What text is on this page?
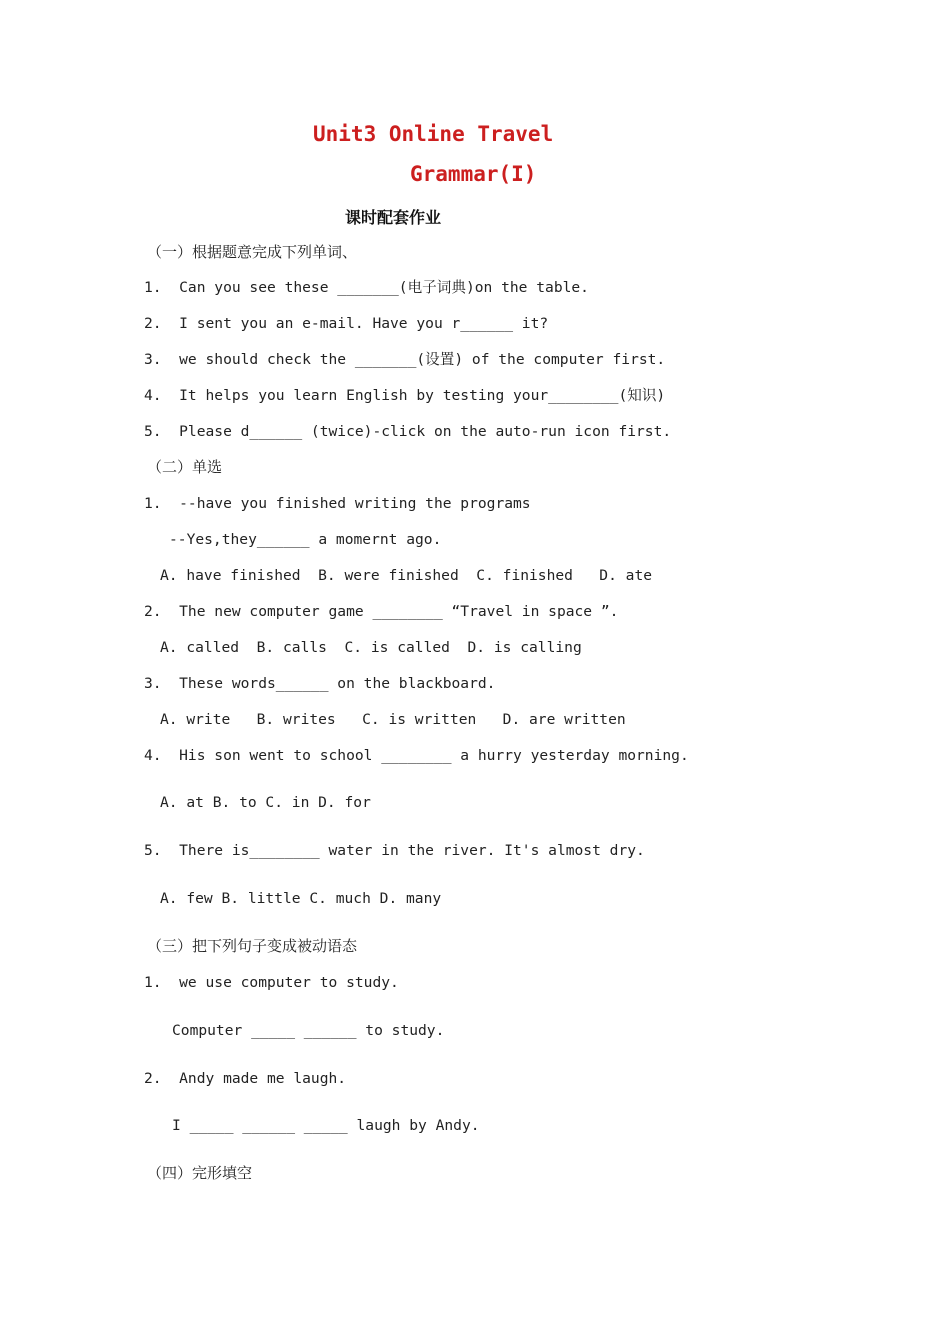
Unit3 Online Travel
Grammar(I)
课时配套作业
（一）根据题意完成下列单词、
1.  Can you see these _______(电子词典)on the table.
2.  I sent you an e-mail. Have you r______ it?
3.  we should check the _______(设置) of the computer first.
4.  It helps you learn English by testing your________(知识)
5.  Please d______ (twice)-click on the auto-run icon first.
（二）单选
1.  --have you finished writing the programs
--Yes,they______ a momernt ago.
A. have finished  B. were finished  C. finished   D. ate
2.  The new computer game ________ “Travel in space ”.
A. called  B. calls  C. is called  D. is calling
3.  These words______ on the blackboard.
A. write   B. writes   C. is written   D. are written
4.  His son went to school ________ a hurry yesterday morning.
A. at B. to C. in D. for
5.  There is________ water in the river. It's almost dry.
A. few B. little C. much D. many
（三）把下列句子变成被动语态
1.  we use computer to study.
Computer _____ ______ to study.
2.  Andy made me laugh.
I _____ ______ _____ laugh by Andy.
（四）完形填空
